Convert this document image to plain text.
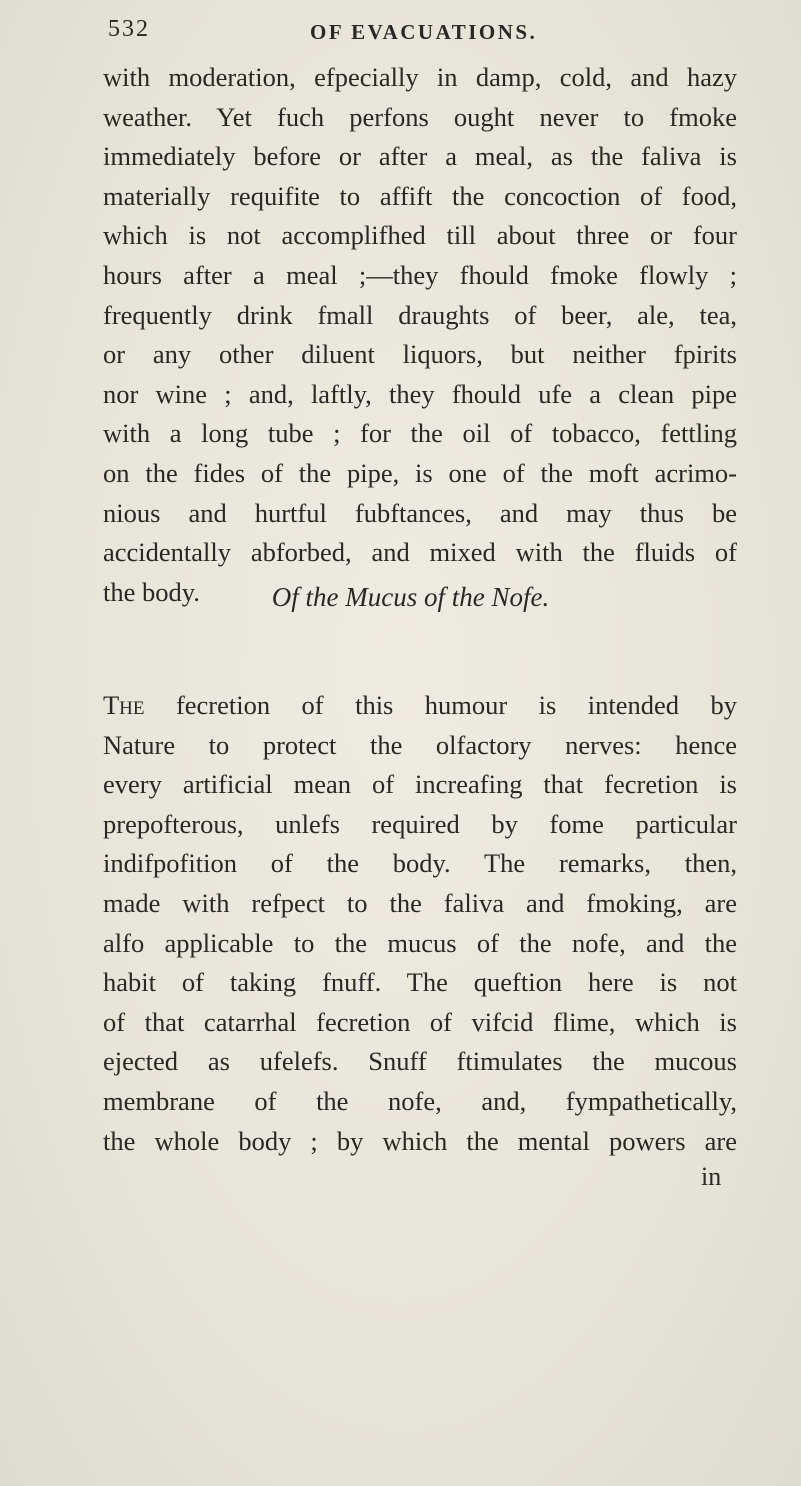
532	OF EVACUATIONS.
with moderation, efpecially in damp, cold, and hazy
weather. Yet fuch perfons ought never to fmoke
immediately before or after a meal, as the faliva is
materially requifite to affift the concoction of food,
which is not accomplifhed till about three or four
hours after a meal ;—they fhould fmoke flowly ;
frequently drink fmall draughts of beer, ale, tea,
or any other diluent liquors, but neither fpirits
nor wine ; and, laftly, they fhould ufe a clean pipe
with a long tube ; for the oil of tobacco, fettling
on the fides of the pipe, is one of the moft acrimo-
nious and hurtful fubftances, and may thus be
accidentally abforbed, and mixed with the fluids of
the body.	Of the Mucus of the Nofe.
The fecretion of this humour is intended by
Nature to protect the olfactory nerves: hence
every artificial mean of increafing that fecretion is
prepofterous, unlefs required by fome particular
indifpofition of the body. The remarks, then,
made with refpect to the faliva and fmoking, are
alfo applicable to the mucus of the nofe, and the
habit of taking fnuff. The queftion here is not
of that catarrhal fecretion of vifcid flime, which is
ejected as ufelefs. Snuff ftimulates the mucous
membrane of the nofe, and, fympathetically,
the whole body ; by which the mental powers are
in
